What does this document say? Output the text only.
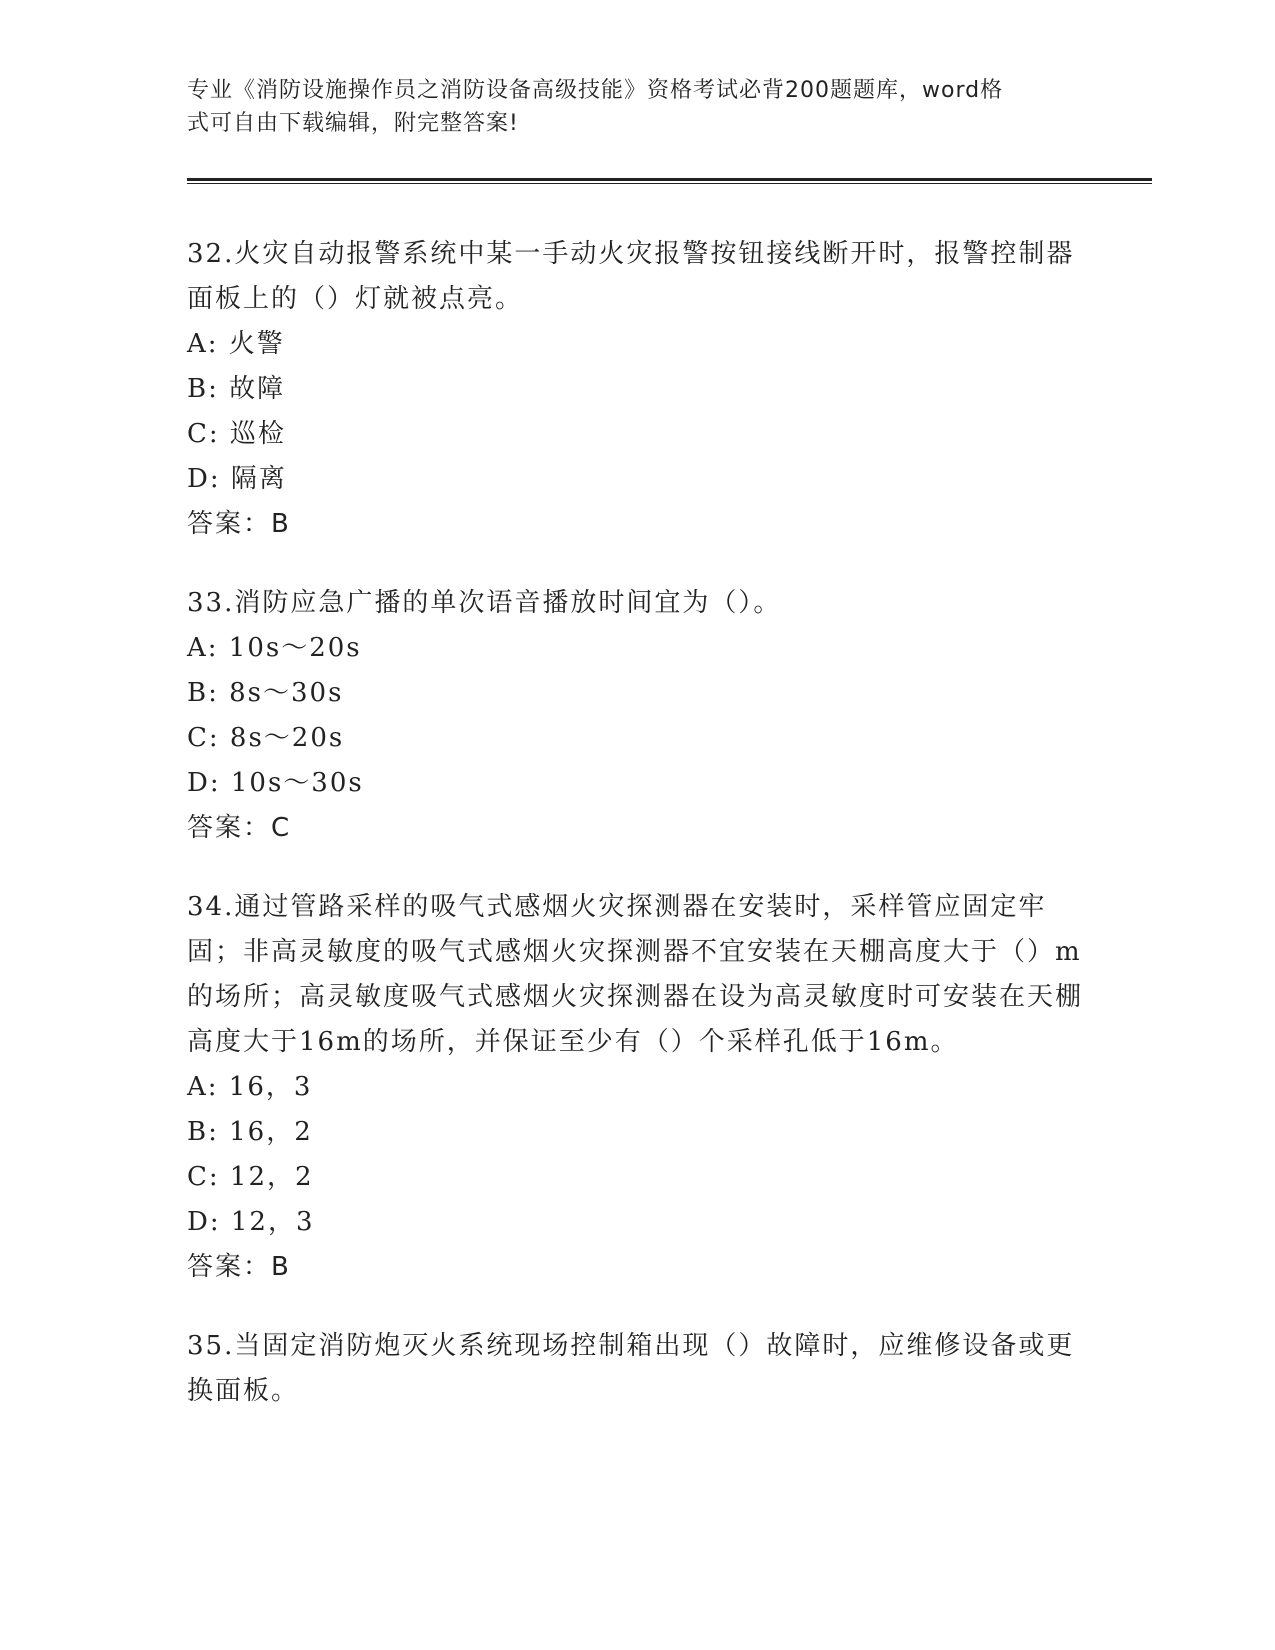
专业《消防设施操作员之消防设备高级技能》资格考试必背200题题库，word格
式可自由下载编辑，附完整答案!
32.火灾自动报警系统中某一手动火灾报警按钮接线断开时，报警控制器面板上的（）灯就被点亮。
A: 火警
B: 故障
C: 巡检
D: 隔离
答案：B
33.消防应急广播的单次语音播放时间宜为（）。
A: 10s～20s
B: 8s～30s
C: 8s～20s
D: 10s～30s
答案：C
34.通过管路采样的吸气式感烟火灾探测器在安装时，采样管应固定牢固；非高灵敏度的吸气式感烟火灾探测器不宜安装在天棚高度大于（）m的场所；高灵敏度吸气式感烟火灾探测器在设为高灵敏度时可安装在天棚高度大于16m的场所，并保证至少有（）个采样孔低于16m。
A: 16，3
B: 16，2
C: 12，2
D: 12，3
答案：B
35.当固定消防炮灭火系统现场控制箱出现（）故障时，应维修设备或更换面板。
